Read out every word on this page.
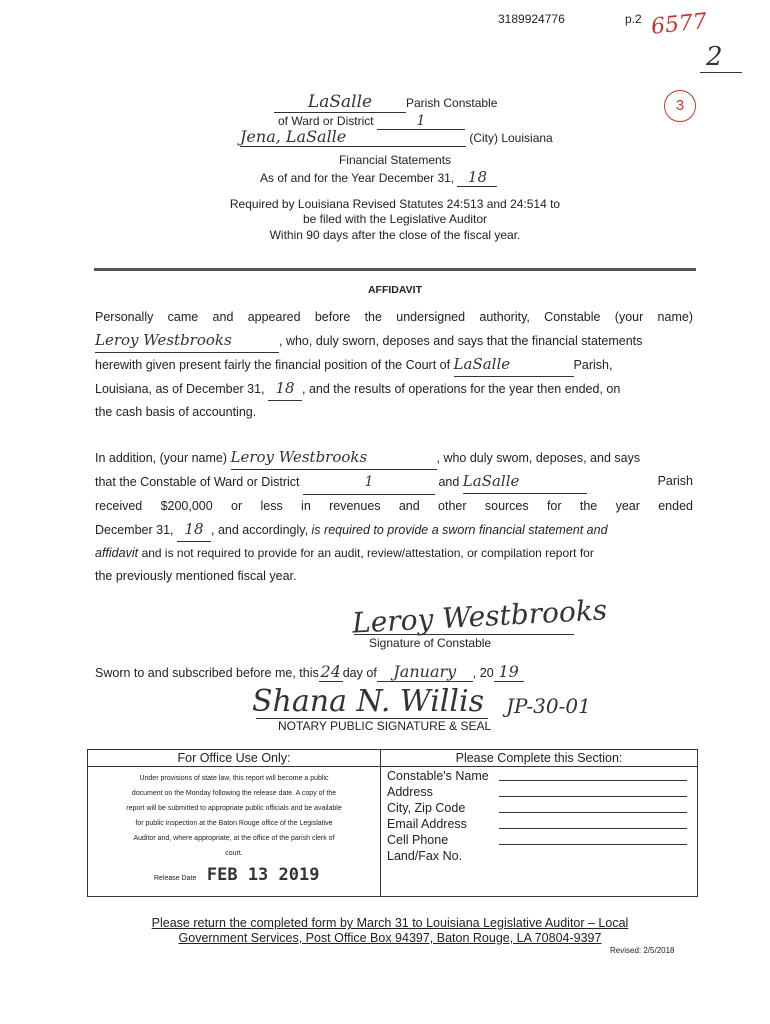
3189924776	p.2 6577
2
3
LaSalle	Parish Constable
of Ward or District	1
Jena, LaSalle	(City) Louisiana
Financial Statements
As of and for the Year December 31, 18
Required by Louisiana Revised Statutes 24:513 and 24:514 to
be filed with the Legislative Auditor
Within 90 days after the close of the fiscal year.
AFFIDAVIT
Personally came and appeared before the undersigned authority, Constable (your name)
Leroy Westbrooks	, who, duly sworn, deposes and says that the financial statements
herewith given present fairly the financial position of the Court of LaSalle	Parish,
Louisiana, as of December 31, 18 , and the results of operations for the year then ended, on
the cash basis of accounting.
In addition, (your name) Leroy Westbrooks	, who duly swom, deposes, and says
that the Constable of Ward or District	1	and LaSalle	Parish
received $200,000 or less in revenues and other sources for the year ended
December 31, 18 , and accordingly, is required to provide a sworn financial statement and
affidavit and is not required to provide for an audit, review/attestation, or compilation report for
the previously mentioned fiscal year.
Leroy Westbrooks
Signature of Constable
Sworn to and subscribed before me, this 24 day of January , 20 19
Shana N. Willis JP-30-01
NOTARY PUBLIC SIGNATURE & SEAL
For Office Use Only:
Under provisions of state law, this report will become a public
document on the Monday following the release date. A copy of the
report will be submitted to appropriate public officials and be available
for public inspection at the Baton Rouge office of the Legislative
Auditor and, where appropriate, at the office of the parish clerk of
court.
Release Date FEB 13 2019

Please Complete this Section:
Constable's Name
Address
City, Zip Code
Email Address
Cell Phone
Land/Fax No.
Please return the completed form by March 31 to Louisiana Legislative Auditor – Local
Government Services, Post Office Box 94397, Baton Rouge, LA 70804-9397
Revised: 2/5/2018
